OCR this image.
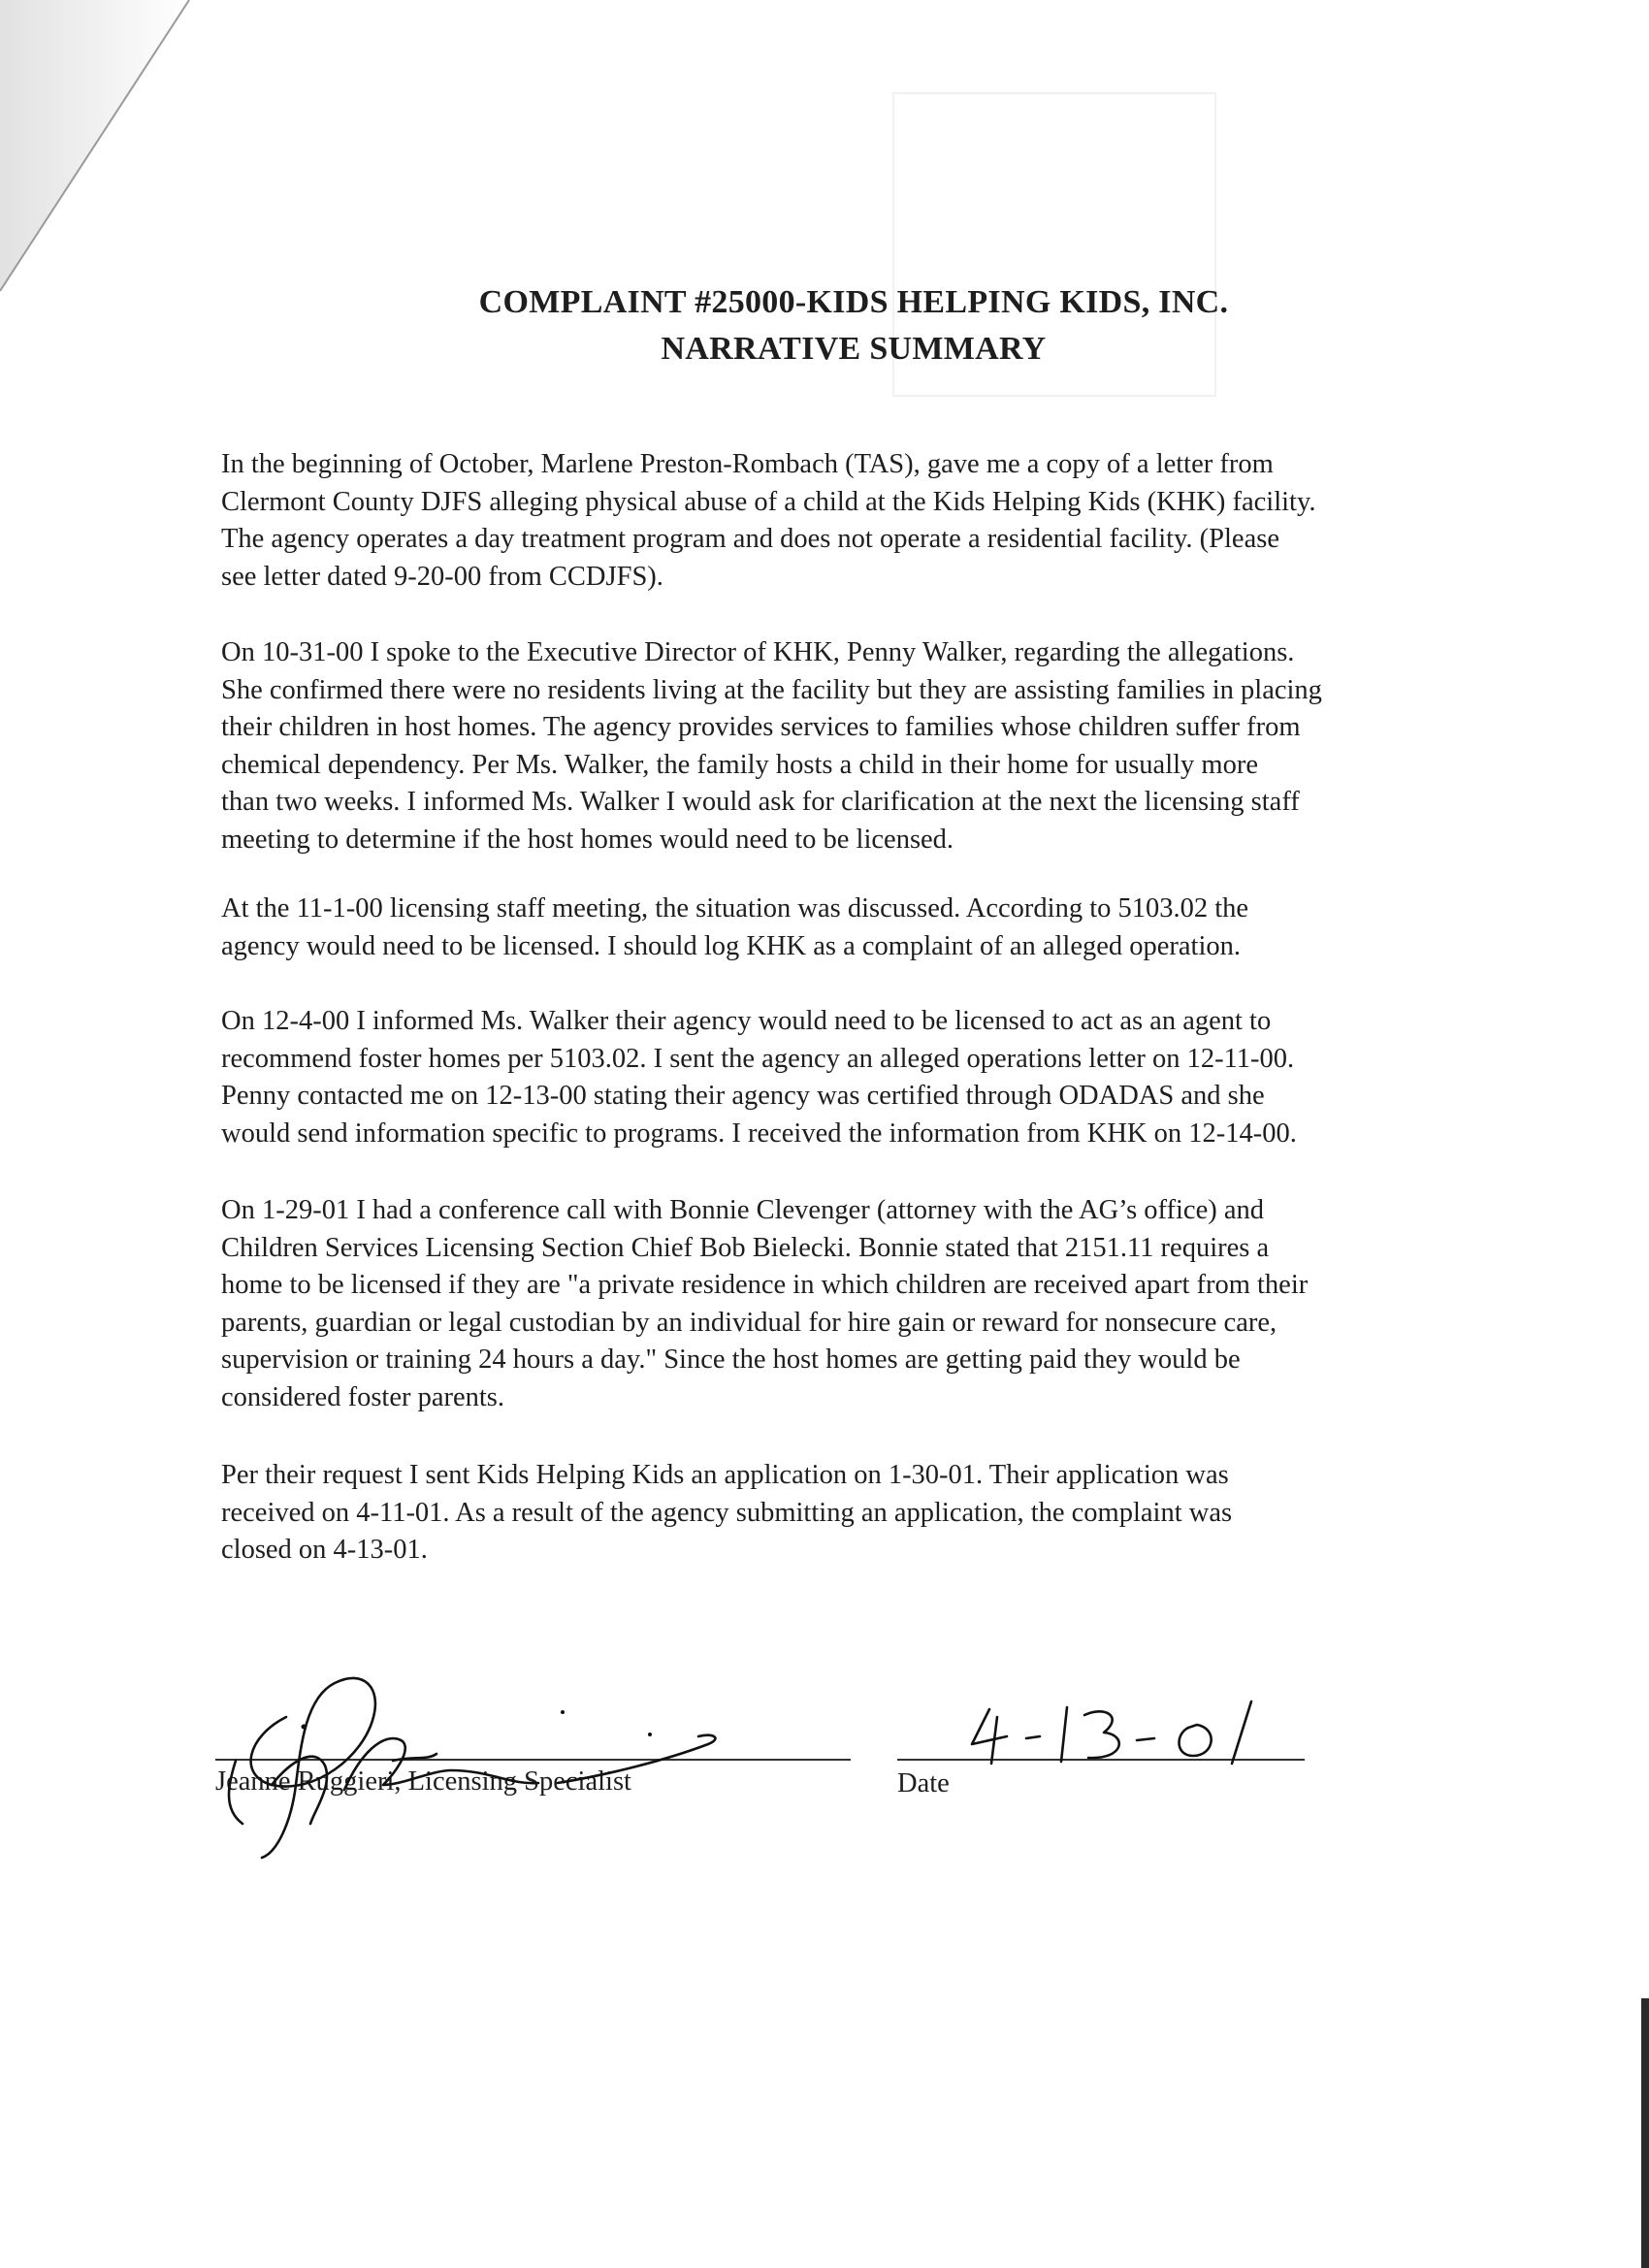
COMPLAINT #25000-KIDS HELPING KIDS, INC.
NARRATIVE SUMMARY

In the beginning of October, Marlene Preston-Rombach (TAS), gave me a copy of a letter from
Clermont County DJFS alleging physical abuse of a child at the Kids Helping Kids (KHK) facility.
The agency operates a day treatment program and does not operate a residential facility. (Please
see letter dated 9-20-00 from CCDJFS).

On 10-31-00 I spoke to the Executive Director of KHK, Penny Walker, regarding the allegations.
She confirmed there were no residents living at the facility but they are assisting families in placing
their children in host homes. The agency provides services to families whose children suffer from
chemical dependency. Per Ms. Walker, the family hosts a child in their home for usually more
than two weeks. I informed Ms. Walker I would ask for clarification at the next the licensing staff
meeting to determine if the host homes would need to be licensed.

At the 11-1-00 licensing staff meeting, the situation was discussed. According to 5103.02 the
agency would need to be licensed. I should log KHK as a complaint of an alleged operation.

On 12-4-00 I informed Ms. Walker their agency would need to be licensed to act as an agent to
recommend foster homes per 5103.02. I sent the agency an alleged operations letter on 12-11-00.
Penny contacted me on 12-13-00 stating their agency was certified through ODADAS and she
would send information specific to programs. I received the information from KHK on 12-14-00.

On 1-29-01 I had a conference call with Bonnie Clevenger (attorney with the AG’s office) and
Children Services Licensing Section Chief Bob Bielecki. Bonnie stated that 2151.11 requires a
home to be licensed if they are "a private residence in which children are received apart from their
parents, guardian or legal custodian by an individual for hire gain or reward for nonsecure care,
supervision or training 24 hours a day." Since the host homes are getting paid they would be
considered foster parents.

Per their request I sent Kids Helping Kids an application on 1-30-01. Their application was
received on 4-11-01. As a result of the agency submitting an application, the complaint was
closed on 4-13-01.

Jeanne Ruggieri, Licensing Specialist	Date
